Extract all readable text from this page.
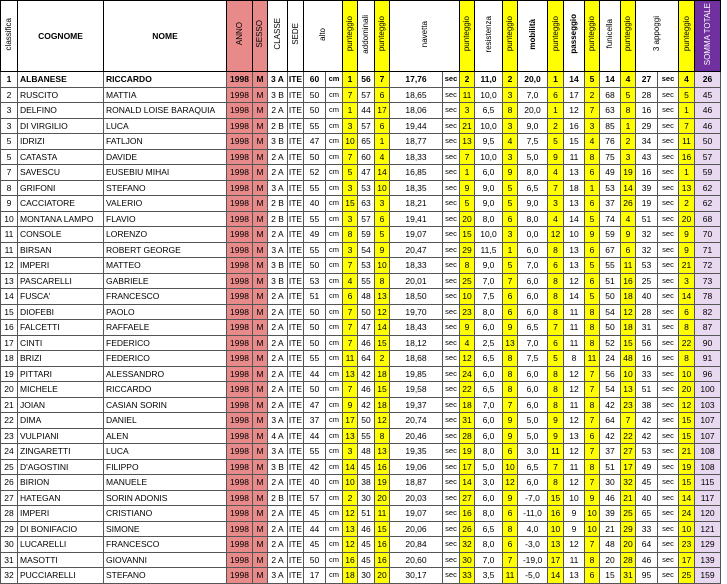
classifica	COGNOME	NOME	ANNO	SESSO	CLASSE	SEDE	alto		punteggio	addominali	punteggio	navetta		punteggio	resistenza	punteggio	mobilità	punteggio	passeggio	punteggio	funicella	punteggio	3 appoggi		punteggio	SOMMA TOTALE
1	ALBANESE	RICCARDO	1998	M	3 A	ITE	60	cm	1	56	7	17,76	sec	2	11,0	2	20,0	1	14	5	14	4	27	sec	4	26
2	RUSCITO	MATTIA	1998	M	3 B	ITE	50	cm	7	57	6	18,65	sec	11	10,0	3	7,0	6	17	2	68	5	28	sec	5	45
3	DELFINO	RONALD LOISE BARAQUIA	1998	M	2 A	ITE	50	cm	1	44	17	18,06	sec	3	6,5	8	20,0	1	12	7	63	8	16	sec	1	46
3	DI VIRGILIO	LUCA	1998	M	2 B	ITE	55	cm	3	57	6	19,44	sec	21	10,0	3	9,0	2	16	3	85	1	29	sec	7	46
5	IDRIZI	FATLJON	1998	M	3 B	ITE	47	cm	10	65	1	18,77	sec	13	9,5	4	7,5	5	15	4	76	2	34	sec	11	50
5	CATASTA	DAVIDE	1998	M	2 A	ITE	50	cm	7	60	4	18,33	sec	7	10,0	3	5,0	9	11	8	75	3	43	sec	16	57
7	SAVESCU	EUSEBIU MIHAI	1998	M	2 A	ITE	52	cm	5	47	14	16,85	sec	1	6,0	9	8,0	4	13	6	49	19	16	sec	1	59
8	GRIFONI	STEFANO	1998	M	3 A	ITE	55	cm	3	53	10	18,35	sec	9	9,0	5	6,5	7	18	1	53	14	39	sec	13	62
9	CACCIATORE	VALERIO	1998	M	2 B	ITE	40	cm	15	63	3	18,21	sec	5	9,0	5	9,0	3	13	6	37	26	19	sec	2	62
10	MONTANA LAMPO	FLAVIO	1998	M	2 B	ITE	55	cm	3	57	6	19,41	sec	20	8,0	6	8,0	4	14	5	74	4	51	sec	20	68
11	CONSOLE	LORENZO	1998	M	2 A	ITE	49	cm	8	59	5	19,07	sec	15	10,0	3	0,0	12	10	9	59	9	32	sec	9	70
11	BIRSAN	ROBERT GEORGE	1998	M	3 A	ITE	55	cm	3	54	9	20,47	sec	29	11,5	1	6,0	8	13	6	67	6	32	sec	9	71
12	IMPERI	MATTEO	1998	M	3 B	ITE	50	cm	7	53	10	18,33	sec	8	9,0	5	7,0	6	13	5	55	11	53	sec	21	72
13	PASCARELLI	GABRIELE	1998	M	3 B	ITE	53	cm	4	55	8	20,01	sec	25	7,0	7	6,0	8	12	6	51	16	25	sec	3	73
14	FUSCA'	FRANCESCO	1998	M	2 A	ITE	51	cm	6	48	13	18,50	sec	10	7,5	6	6,0	8	14	5	50	18	40	sec	14	78
15	DIOFEBI	PAOLO	1998	M	2 A	ITE	50	cm	7	50	12	19,70	sec	23	8,0	6	6,0	8	11	8	54	12	28	sec	6	82
16	FALCETTI	RAFFAELE	1998	M	2 A	ITE	50	cm	7	47	14	18,43	sec	9	6,0	9	6,5	7	11	8	50	18	31	sec	8	87
17	CINTI	FEDERICO	1998	M	2 A	ITE	50	cm	7	46	15	18,12	sec	4	2,5	13	7,0	6	11	8	52	15	56	sec	22	90
18	BRIZI	FEDERICO	1998	M	2 A	ITE	55	cm	11	64	2	18,68	sec	12	6,5	8	7,5	5	8	11	24	48	16	sec	8	91
19	PITTARI	ALESSANDRO	1998	M	2 A	ITE	44	cm	13	42	18	19,85	sec	24	6,0	8	6,0	8	12	7	56	10	33	sec	10	96
20	MICHELE	RICCARDO	1998	M	2 A	ITE	50	cm	7	46	15	19,58	sec	22	6,5	8	6,0	8	12	7	54	13	51	sec	20	100
21	JOIAN	CASIAN SORIN	1998	M	2 A	ITE	47	cm	9	42	18	19,37	sec	18	7,0	7	6,0	8	11	8	42	23	38	sec	12	103
22	DIMA	DANIEL	1998	M	3 A	ITE	37	cm	17	50	12	20,74	sec	31	6,0	9	5,0	9	12	7	64	7	42	sec	15	107
23	VULPIANI	ALEN	1998	M	4 A	ITE	44	cm	13	55	8	20,46	sec	28	6,0	9	5,0	9	13	6	42	22	42	sec	15	107
24	ZINGARETTI	LUCA	1998	M	3 A	ITE	55	cm	3	48	13	19,35	sec	19	8,0	6	3,0	11	12	7	37	27	53	sec	21	108
25	D'AGOSTINI	FILIPPO	1998	M	3 B	ITE	42	cm	14	45	16	19,06	sec	17	5,0	10	6,5	7	11	8	51	17	49	sec	19	108
26	BIRION	MANUELE	1998	M	2 A	ITE	40	cm	10	38	19	18,87	sec	14	3,0	12	6,0	8	12	7	30	32	45	sec	15	115
27	HATEGAN	SORIN ADONIS	1998	M	2 B	ITE	57	cm	2	30	20	20,03	sec	27	6,0	9	-7,0	15	10	9	46	21	40	sec	14	117
28	IMPERI	CRISTIANO	1998	M	2 A	ITE	45	cm	12	51	11	19,07	sec	16	8,0	6	-11,0	16	9	10	39	25	65	sec	24	120
29	DI BONIFACIO	SIMONE	1998	M	2 A	ITE	44	cm	13	46	15	20,06	sec	26	6,5	8	4,0	10	9	10	21	29	33	sec	10	121
30	LUCARELLI	FRANCESCO	1998	M	2 A	ITE	45	cm	12	45	16	20,84	sec	32	8,0	6	-3,0	13	12	7	48	20	64	sec	23	129
31	MASOTTI	GIOVANNI	1998	M	2 A	ITE	50	cm	16	45	16	20,60	sec	30	7,0	7	-19,0	17	11	8	20	28	46	sec	17	139
32	PUCCIARELLI	STEFANO	1998	M	3 A	ITE	17	cm	18	30	20	30,17	sec	33	3,5	11	-5,0	14	13	6	15	31	95	sec	25	159
